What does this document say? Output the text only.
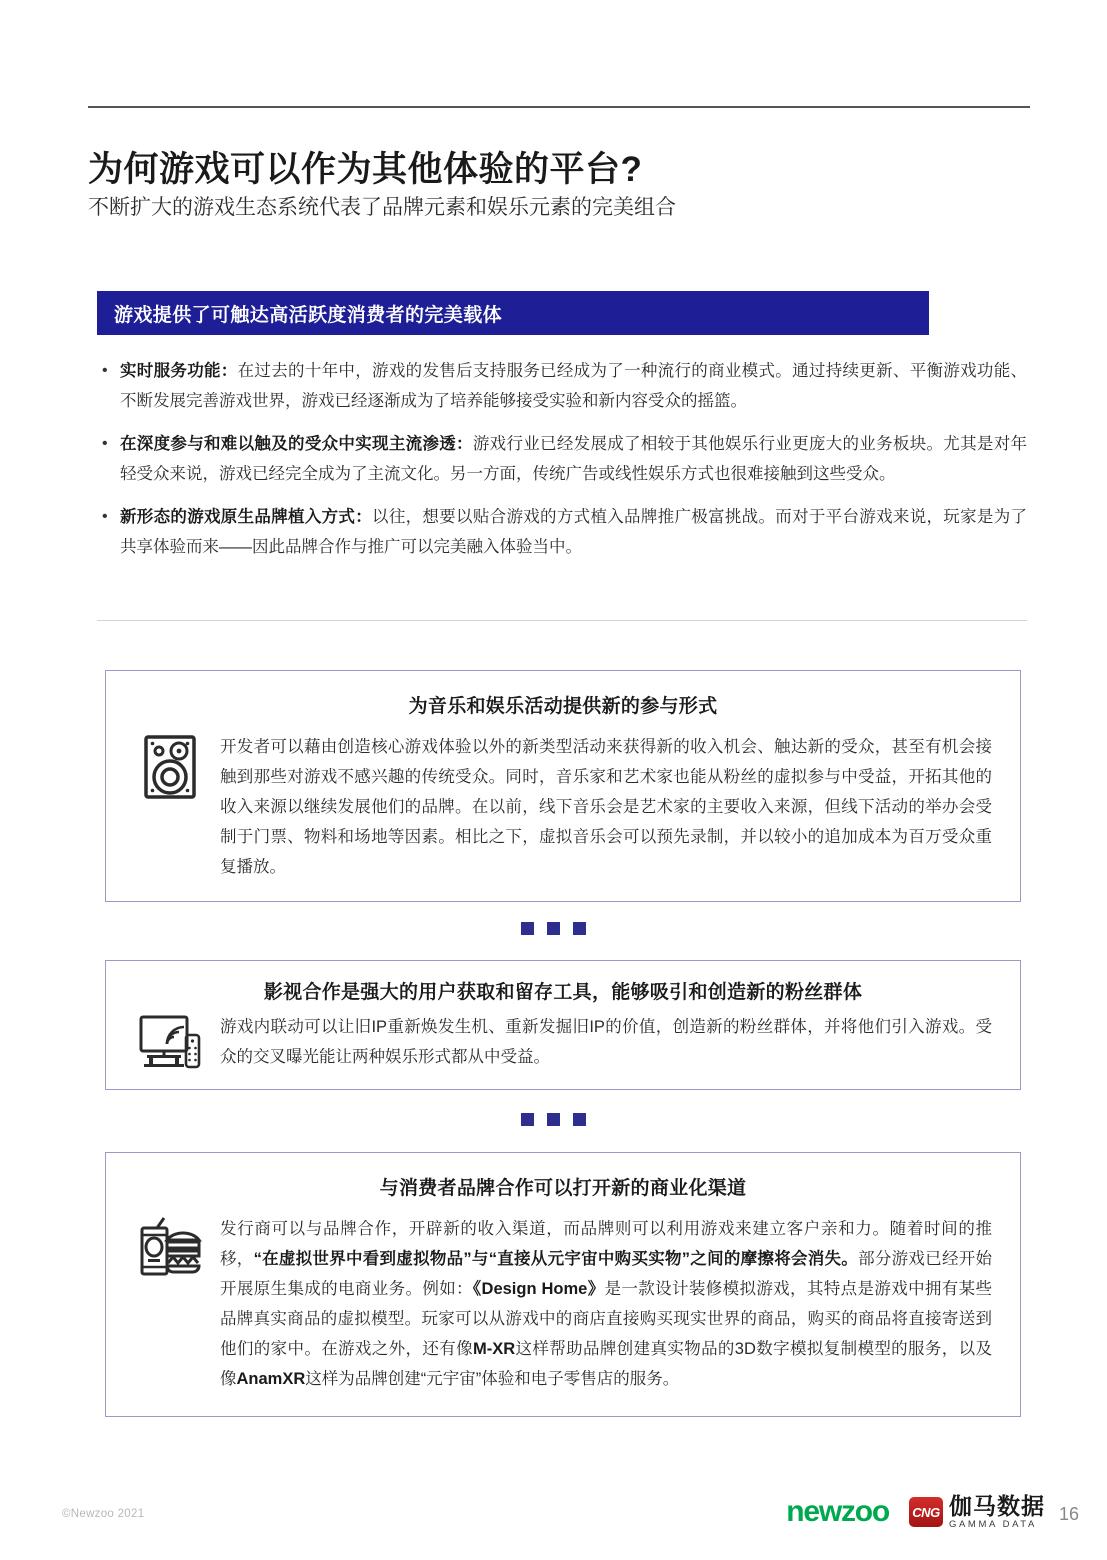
为何游戏可以作为其他体验的平台?
不断扩大的游戏生态系统代表了品牌元素和娱乐元素的完美组合
游戏提供了可触达高活跃度消费者的完美载体
• 实时服务功能：在过去的十年中，游戏的发售后支持服务已经成为了一种流行的商业模式。通过持续更新、平衡游戏功能、不断发展完善游戏世界，游戏已经逐渐成为了培养能够接受实验和新内容受众的摇篮。
• 在深度参与和难以触及的受众中实现主流渗透：游戏行业已经发展成了相较于其他娱乐行业更庞大的业务板块。尤其是对年轻受众来说，游戏已经完全成为了主流文化。另一方面，传统广告或线性娱乐方式也很难接触到这些受众。
• 新形态的游戏原生品牌植入方式：以往，想要以贴合游戏的方式植入品牌推广极富挑战。而对于平台游戏来说，玩家是为了共享体验而来——因此品牌合作与推广可以完美融入体验当中。
为音乐和娱乐活动提供新的参与形式
开发者可以藉由创造核心游戏体验以外的新类型活动来获得新的收入机会、触达新的受众，甚至有机会接触到那些对游戏不感兴趣的传统受众。同时，音乐家和艺术家也能从粉丝的虚拟参与中受益，开拓其他的收入来源以继续发展他们的品牌。在以前，线下音乐会是艺术家的主要收入来源，但线下活动的举办会受制于门票、物料和场地等因素。相比之下，虚拟音乐会可以预先录制，并以较小的追加成本为百万受众重复播放。
影视合作是强大的用户获取和留存工具，能够吸引和创造新的粉丝群体
游戏内联动可以让旧IP重新焕发生机、重新发掘旧IP的价值，创造新的粉丝群体，并将他们引入游戏。受众的交叉曝光能让两种娱乐形式都从中受益。
与消费者品牌合作可以打开新的商业化渠道
发行商可以与品牌合作，开辟新的收入渠道，而品牌则可以利用游戏来建立客户亲和力。随着时间的推移，“在虚拟世界中看到虚拟物品”与“直接从元宇宙中购买实物”之间的摩擦将会消失。部分游戏已经开始开展原生集成的电商业务。例如：《Design Home》是一款设计装修模拟游戏，其特点是游戏中拥有某些品牌真实商品的虚拟模型。玩家可以从游戏中的商店直接购买现实世界的商品，购买的商品将直接寄送到他们的家中。在游戏之外，还有像M-XR这样帮助品牌创建真实物品的3D数字模拟复制模型的服务，以及像AnamXR这样为品牌创建“元宇宙”体验和电子零售店的服务。
©Newzoo 2021	newzoo CNG 伽马数据
GAMMA DATA
16
